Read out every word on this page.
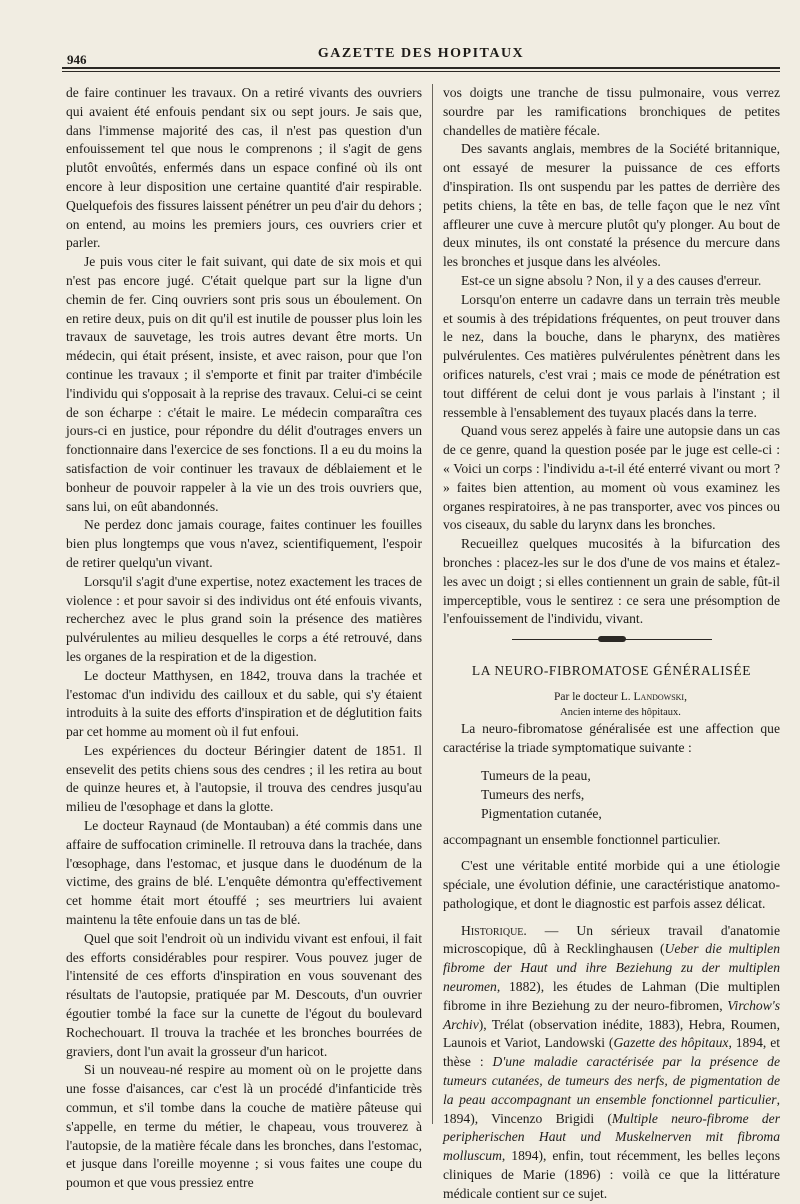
946	GAZETTE DES HOPITAUX

de faire continuer les travaux. On a retiré vivants des ouvriers qui avaient été enfouis pendant six ou sept jours. Je sais que, dans l'immense majorité des cas, il n'est pas question d'un enfouissement tel que nous le comprenons ; il s'agit de gens plutôt envoûtés, enfermés dans un espace confiné où ils ont encore à leur disposition une certaine quantité d'air respirable. Quelquefois des fissures laissent pénétrer un peu d'air du dehors ; on entend, au moins les premiers jours, ces ouvriers crier et parler.

Je puis vous citer le fait suivant, qui date de six mois et qui n'est pas encore jugé. C'était quelque part sur la ligne d'un chemin de fer. Cinq ouvriers sont pris sous un éboulement. On en retire deux, puis on dit qu'il est inutile de pousser plus loin les travaux de sauvetage, les trois autres devant être morts. Un médecin, qui était présent, insiste, et avec raison, pour que l'on continue les travaux ; il s'emporte et finit par traiter d'imbécile l'individu qui s'opposait à la reprise des travaux. Celui-ci se ceint de son écharpe : c'était le maire. Le médecin comparaîtra ces jours-ci en justice, pour répondre du délit d'outrages envers un fonctionnaire dans l'exercice de ses fonctions. Il a eu du moins la satisfaction de voir continuer les travaux de déblaiement et le bonheur de pouvoir rappeler à la vie un des trois ouvriers que, sans lui, on eût abandonnés.

Ne perdez donc jamais courage, faites continuer les fouilles bien plus longtemps que vous n'avez, scientifiquement, l'espoir de retirer quelqu'un vivant.

Lorsqu'il s'agit d'une expertise, notez exactement les traces de violence : et pour savoir si des individus ont été enfouis vivants, recherchez avec le plus grand soin la présence des matières pulvérulentes au milieu desquelles le corps a été retrouvé, dans les organes de la respiration et de la digestion.

Le docteur Matthysen, en 1842, trouva dans la trachée et l'estomac d'un individu des cailloux et du sable, qui s'y étaient introduits à la suite des efforts d'inspiration et de déglutition faits par cet homme au moment où il fut enfoui.

Les expériences du docteur Béringier datent de 1851. Il ensevelit des petits chiens sous des cendres ; il les retira au bout de quinze heures et, à l'autopsie, il trouva des cendres jusqu'au milieu de l'œsophage et dans la glotte.

Le docteur Raynaud (de Montauban) a été commis dans une affaire de suffocation criminelle. Il retrouva dans la trachée, dans l'œsophage, dans l'estomac, et jusque dans le duodénum de la victime, des grains de blé. L'enquête démontra qu'effectivement cet homme était mort étouffé ; ses meurtriers lui avaient maintenu la tête enfouie dans un tas de blé.

Quel que soit l'endroit où un individu vivant est enfoui, il fait des efforts considérables pour respirer. Vous pouvez juger de l'intensité de ces efforts d'inspiration en vous souvenant des résultats de l'autopsie, pratiquée par M. Descouts, d'un ouvrier égoutier tombé la face sur la cunette de l'égout du boulevard Rochechouart. Il trouva la trachée et les bronches bourrées de graviers, dont l'un avait la grosseur d'un haricot.

Si un nouveau-né respire au moment où on le projette dans une fosse d'aisances, car c'est là un procédé d'infanticide très commun, et s'il tombe dans la couche de matière pâteuse qui s'appelle, en terme du métier, le chapeau, vous trouverez à l'autopsie, de la matière fécale dans les bronches, dans l'estomac, et jusque dans l'oreille moyenne ; si vous faites une coupe du poumon et que vous pressiez entre

vos doigts une tranche de tissu pulmonaire, vous verrez sourdre par les ramifications bronchiques de petites chandelles de matière fécale.

Des savants anglais, membres de la Société britannique, ont essayé de mesurer la puissance de ces efforts d'inspiration. Ils ont suspendu par les pattes de derrière des petits chiens, la tête en bas, de telle façon que le nez vînt affleurer une cuve à mercure plutôt qu'y plonger. Au bout de deux minutes, ils ont constaté la présence du mercure dans les bronches et jusque dans les alvéoles.

Est-ce un signe absolu ? Non, il y a des causes d'erreur.

Lorsqu'on enterre un cadavre dans un terrain très meuble et soumis à des trépidations fréquentes, on peut trouver dans le nez, dans la bouche, dans le pharynx, des matières pulvérulentes. Ces matières pulvérulentes pénètrent dans les orifices naturels, c'est vrai ; mais ce mode de pénétration est tout différent de celui dont je vous parlais à l'instant ; il ressemble à l'ensablement des tuyaux placés dans la terre.

Quand vous serez appelés à faire une autopsie dans un cas de ce genre, quand la question posée par le juge est celle-ci : « Voici un corps : l'individu a-t-il été enterré vivant ou mort ? » faites bien attention, au moment où vous examinez les organes respiratoires, à ne pas transporter, avec vos pinces ou vos ciseaux, du sable du larynx dans les bronches.

Recueillez quelques mucosités à la bifurcation des bronches : placez-les sur le dos d'une de vos mains et étalez-les avec un doigt ; si elles contiennent un grain de sable, fût-il imperceptible, vous le sentirez : ce sera une présomption de l'enfouissement de l'individu, vivant.

LA NEURO-FIBROMATOSE GÉNÉRALISÉE

Par le docteur L. Landowski,

Ancien interne des hôpitaux.

La neuro-fibromatose généralisée est une affection que caractérise la triade symptomatique suivante :

Tumeurs de la peau,
Tumeurs des nerfs,
Pigmentation cutanée,

accompagnant un ensemble fonctionnel particulier.

C'est une véritable entité morbide qui a une étiologie spéciale, une évolution définie, une caractéristique anatomo-pathologique, et dont le diagnostic est parfois assez délicat.

Historique. — Un sérieux travail d'anatomie microscopique, dû à Recklinghausen (Ueber die multiplen fibrome der Haut und ihre Beziehung zu der multiplen neuromen, 1882), les études de Lahman (Die multiplen fibrome in ihre Beziehung zu der neuro-fibromen, Virchow's Archiv), Trélat (observation inédite, 1883), Hebra, Roumen, Launois et Variot, Landowski (Gazette des hôpitaux, 1894, et thèse : D'une maladie caractérisée par la présence de tumeurs cutanées, de tumeurs des nerfs, de pigmentation de la peau accompagnant un ensemble fonctionnel particulier, 1894), Vincenzo Brigidi (Multiple neuro-fibrome der peripherischen Haut und Muskelnerven mit fibroma molluscum, 1894), enfin, tout récemment, les belles leçons cliniques de Marie (1896) : voilà ce que la littérature médicale contient sur ce sujet.
